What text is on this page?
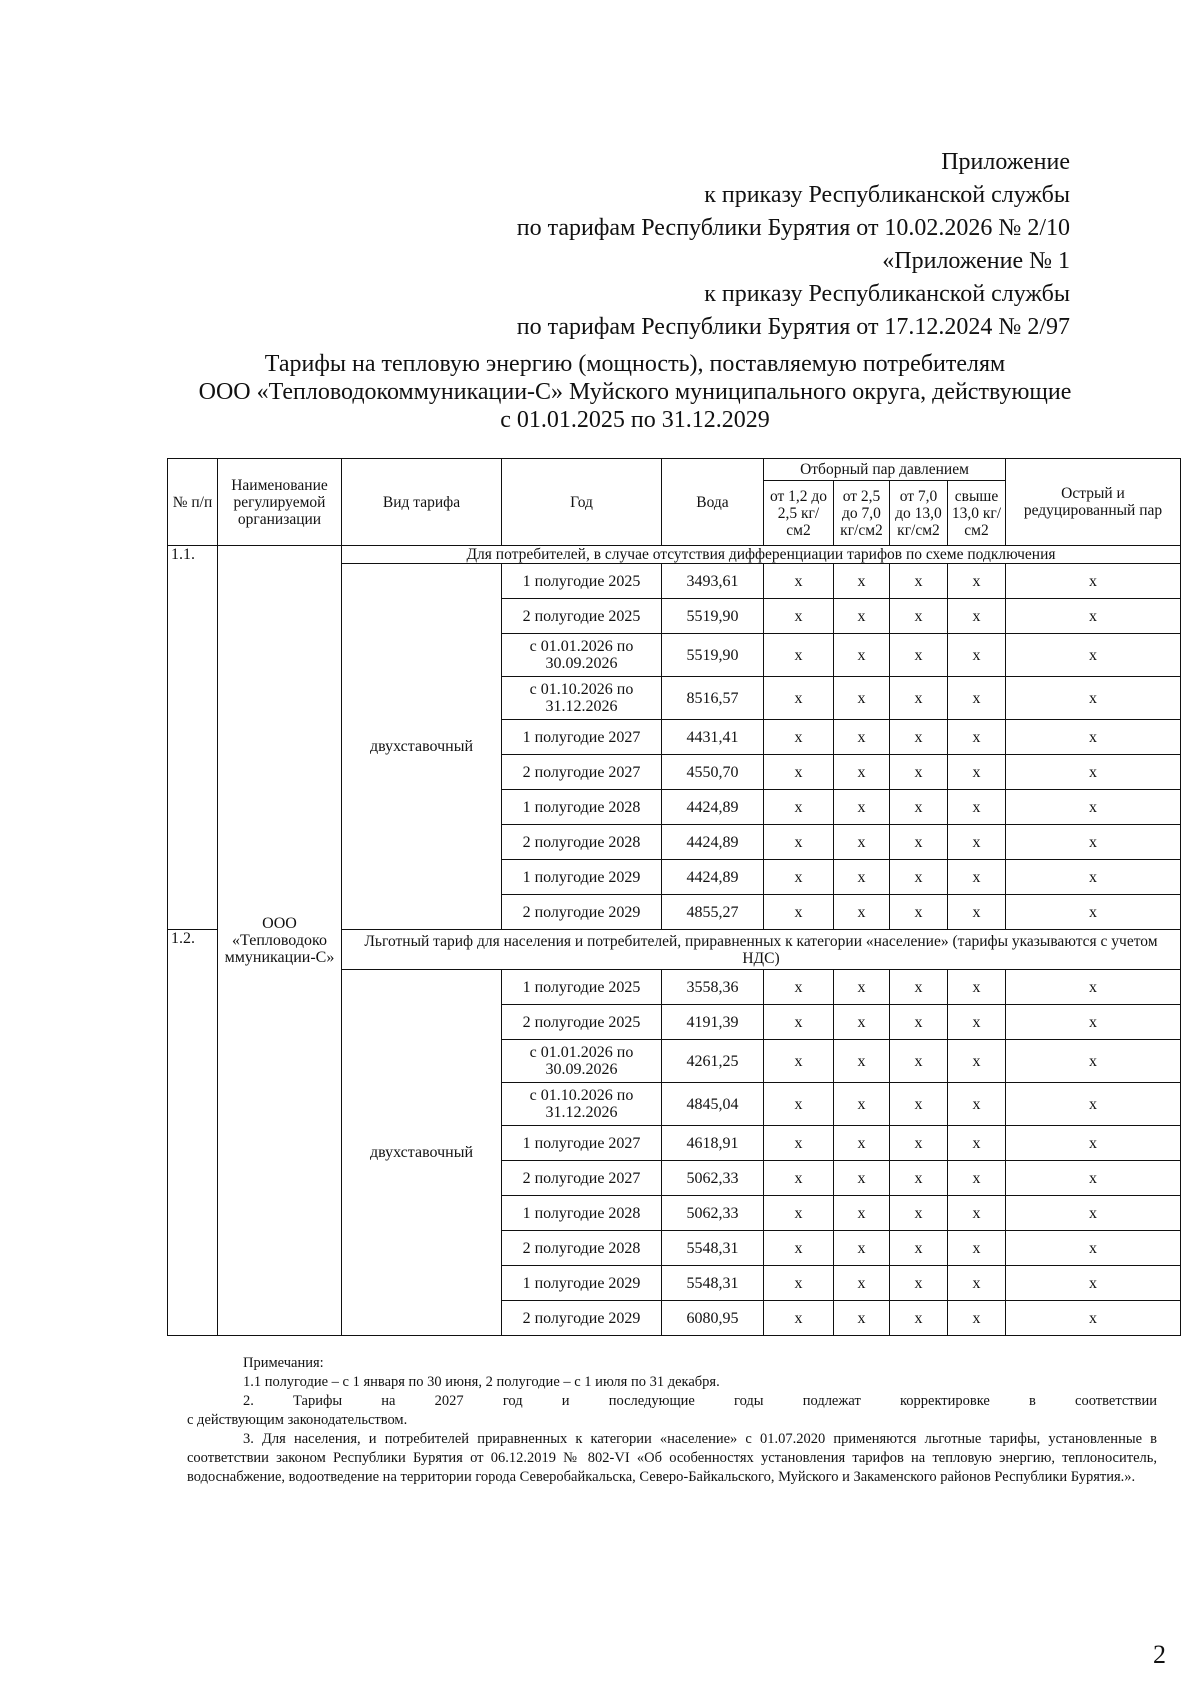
Приложение
к приказу Республиканской службы
по тарифам Республики Бурятия от 10.02.2026 № 2/10
«Приложение № 1
к приказу Республиканской службы
по тарифам Республики Бурятия от 17.12.2024 № 2/97
Тарифы на тепловую энергию (мощность), поставляемую потребителям
ООО «Тепловодокоммуникации-С» Муйского муниципального округа, действующие
с 01.01.2025 по 31.12.2029
№ п/п	Наименование регулируемой организации	Вид тарифа	Год	Вода	Отборный пар давлением				Острый и редуцированный пар
					от 1,2 до 2,5 кг/см2	от 2,5 до 7,0 кг/см2	от 7,0 до 13,0 кг/см2	свыше 13,0 кг/см2	
1.1.	ООО «Тепловодоко ммуникации-С»	Для потребителей, в случае отсутствия дифференциации тарифов по схеме подключения							
		двухставочный	1 полугодие 2025	3493,61	x	x	x	x	x
			2 полугодие 2025	5519,90	x	x	x	x	x
			с 01.01.2026 по 30.09.2026	5519,90	x	x	x	x	x
			с 01.10.2026 по 31.12.2026	8516,57	x	x	x	x	x
			1 полугодие 2027	4431,41	x	x	x	x	x
			2 полугодие 2027	4550,70	x	x	x	x	x
			1 полугодие 2028	4424,89	x	x	x	x	x
			2 полугодие 2028	4424,89	x	x	x	x	x
			1 полугодие 2029	4424,89	x	x	x	x	x
			2 полугодие 2029	4855,27	x	x	x	x	x
1.2.		Льготный тариф для населения и потребителей, приравненных к категории «население» (тарифы указываются с учетом НДС)							
		двухставочный	1 полугодие 2025	3558,36	x	x	x	x	x
			2 полугодие 2025	4191,39	x	x	x	x	x
			с 01.01.2026 по 30.09.2026	4261,25	x	x	x	x	x
			с 01.10.2026 по 31.12.2026	4845,04	x	x	x	x	x
			1 полугодие 2027	4618,91	x	x	x	x	x
			2 полугодие 2027	5062,33	x	x	x	x	x
			1 полугодие 2028	5062,33	x	x	x	x	x
			2 полугодие 2028	5548,31	x	x	x	x	x
			1 полугодие 2029	5548,31	x	x	x	x	x
			2 полугодие 2029	6080,95	x	x	x	x	x

Примечания:

1.1 полугодие – с 1 января по 30 июня, 2 полугодие – с 1 июля по 31 декабря.

2. Тарифы на 2027 год и последующие годы подлежат корректировке в соответствии

с действующим законодательством.

3. Для населения, и потребителей приравненных к категории «население» с 01.07.2020 применяются льготные тарифы, установленные в соответствии законом Республики Бурятия от 06.12.2019 № 802-VI «Об особенностях установления тарифов на тепловую энергию, теплоноситель, водоснабжение, водоотведение на территории города Северобайкальска, Северо-Байкальского, Муйского и Закаменского районов Республики Бурятия.».

2
